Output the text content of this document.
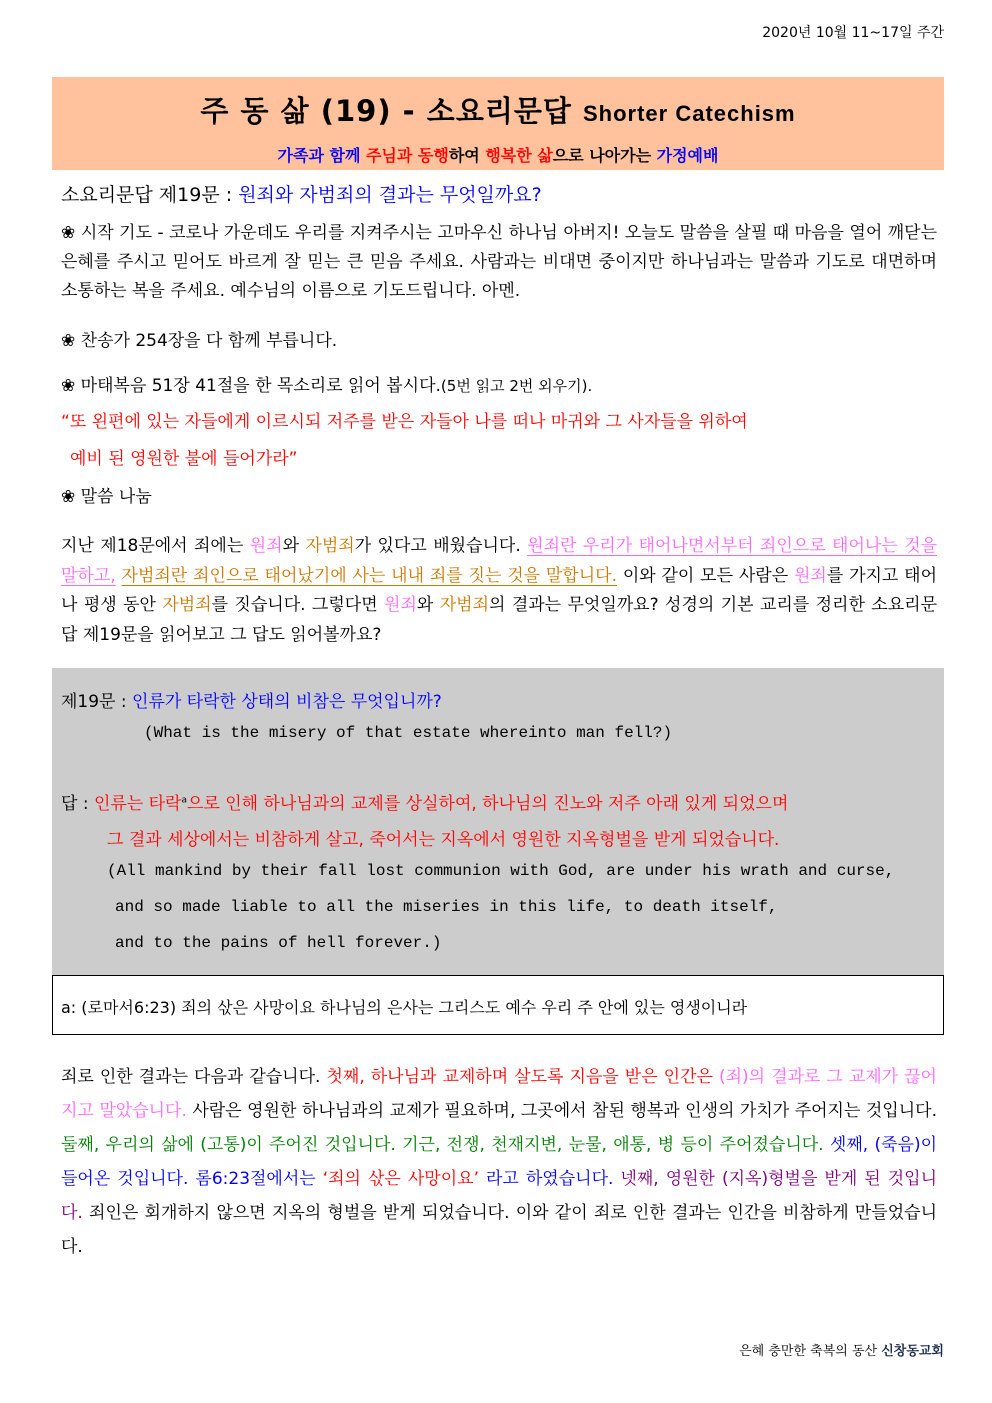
2020년 10월 11~17일 주간
주 동 삶 (19) - 소요리문답 Shorter Catechism
가족과 함께 주님과 동행하여 행복한 삶으로 나아가는 가정예배
소요리문답 제19문 : 원죄와 자범죄의 결과는 무엇일까요?
❀ 시작 기도 - 코로나 가운데도 우리를 지켜주시는 고마우신 하나님 아버지! 오늘도 말씀을 살필 때 마음을 열어 깨닫는 은혜를 주시고 믿어도 바르게 잘 믿는 큰 믿음 주세요. 사람과는 비대면 중이지만 하나님과는 말씀과 기도로 대면하며 소통하는 복을 주세요. 예수님의 이름으로 기도드립니다. 아멘.
❀ 찬송가 254장을 다 함께 부릅니다.
❀ 마태복음 51장 41절을 한 목소리로 읽어 봅시다.(5번 읽고 2번 외우기).
“또 왼편에 있는 자들에게 이르시되 저주를 받은 자들아 나를 떠나 마귀와 그 사자들을 위하여
예비 된 영원한 불에 들어가라”
❀ 말씀 나눔
지난 제18문에서 죄에는 원죄와 자범죄가 있다고 배웠습니다. 원죄란 우리가 태어나면서부터 죄인으로 태어나는 것을 말하고, 자범죄란 죄인으로 태어났기에 사는 내내 죄를 짓는 것을 말합니다. 이와 같이 모든 사람은 원죄를 가지고 태어나 평생 동안 자범죄를 짓습니다. 그렇다면 원죄와 자범죄의 결과는 무엇일까요? 성경의 기본 교리를 정리한 소요리문답 제19문을 읽어보고 그 답도 읽어볼까요?
제19문 : 인류가 타락한 상태의 비참은 무엇입니까?
(What is the misery of that estate whereinto man fell?)
답 : 인류는 타락$^a$으로 인해 하나님과의 교제를 상실하여, 하나님의 진노와 저주 아래 있게 되었으며
그 결과 세상에서는 비참하게 살고, 죽어서는 지옥에서 영원한 지옥형벌을 받게 되었습니다.
(All mankind by their fall lost communion with God, are under his wrath and curse,
and so made liable to all the miseries in this life, to death itself,
and to the pains of hell forever.)
a: (로마서6:23) 죄의 삯은 사망이요 하나님의 은사는 그리스도 예수 우리 주 안에 있는 영생이니라
죄로 인한 결과는 다음과 같습니다. 첫째, 하나님과 교제하며 살도록 지음을 받은 인간은 (죄)의 결과로 그 교제가 끊어지고 말았습니다. 사람은 영원한 하나님과의 교제가 필요하며, 그곳에서 참된 행복과 인생의 가치가 주어지는 것입니다. 둘째, 우리의 삶에 (고통)이 주어진 것입니다. 기근, 전쟁, 천재지변, 눈물, 애통, 병 등이 주어졌습니다. 셋째, (죽음)이 들어온 것입니다. 롬6:23절에서는 ‘죄의 삯은 사망이요’ 라고 하였습니다. 넷째, 영원한 (지옥)형벌을 받게 된 것입니다. 죄인은 회개하지 않으면 지옥의 형벌을 받게 되었습니다. 이와 같이 죄로 인한 결과는 인간을 비참하게 만들었습니다.
은혜 충만한 축복의 동산 신창동교회
